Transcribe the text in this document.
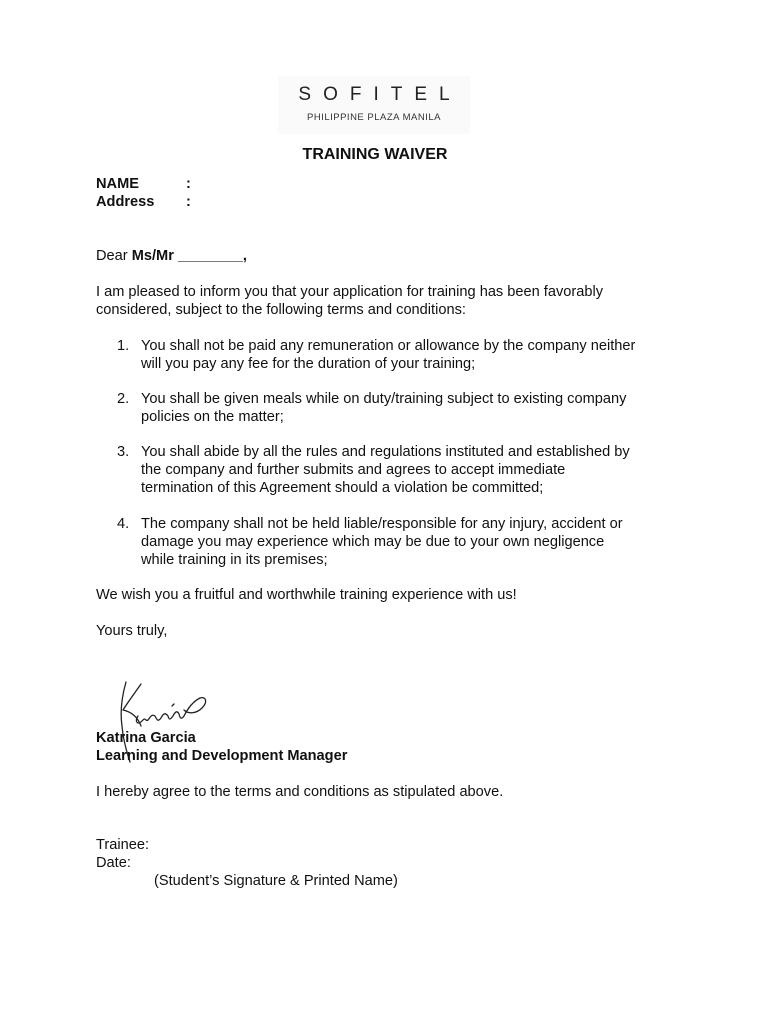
SOFITEL
PHILIPPINE PLAZA MANILA
TRAINING WAIVER
NAME	:
Address :
Dear Ms/Mr ________,
I am pleased to inform you that your application for training has been favorably
considered, subject to the following terms and conditions:
1. You shall not be paid any remuneration or allowance by the company neither
will you pay any fee for the duration of your training;
2. You shall be given meals while on duty/training subject to existing company
policies on the matter;
3. You shall abide by all the rules and regulations instituted and established by
the company and further submits and agrees to accept immediate
termination of this Agreement should a violation be committed;
4. The company shall not be held liable/responsible for any injury, accident or
damage you may experience which may be due to your own negligence
while training in its premises;
We wish you a fruitful and worthwhile training experience with us!
Yours truly,
Katrina Garcia
Learning and Development Manager
I hereby agree to the terms and conditions as stipulated above.
Trainee:
Date:
(Student’s Signature & Printed Name)
